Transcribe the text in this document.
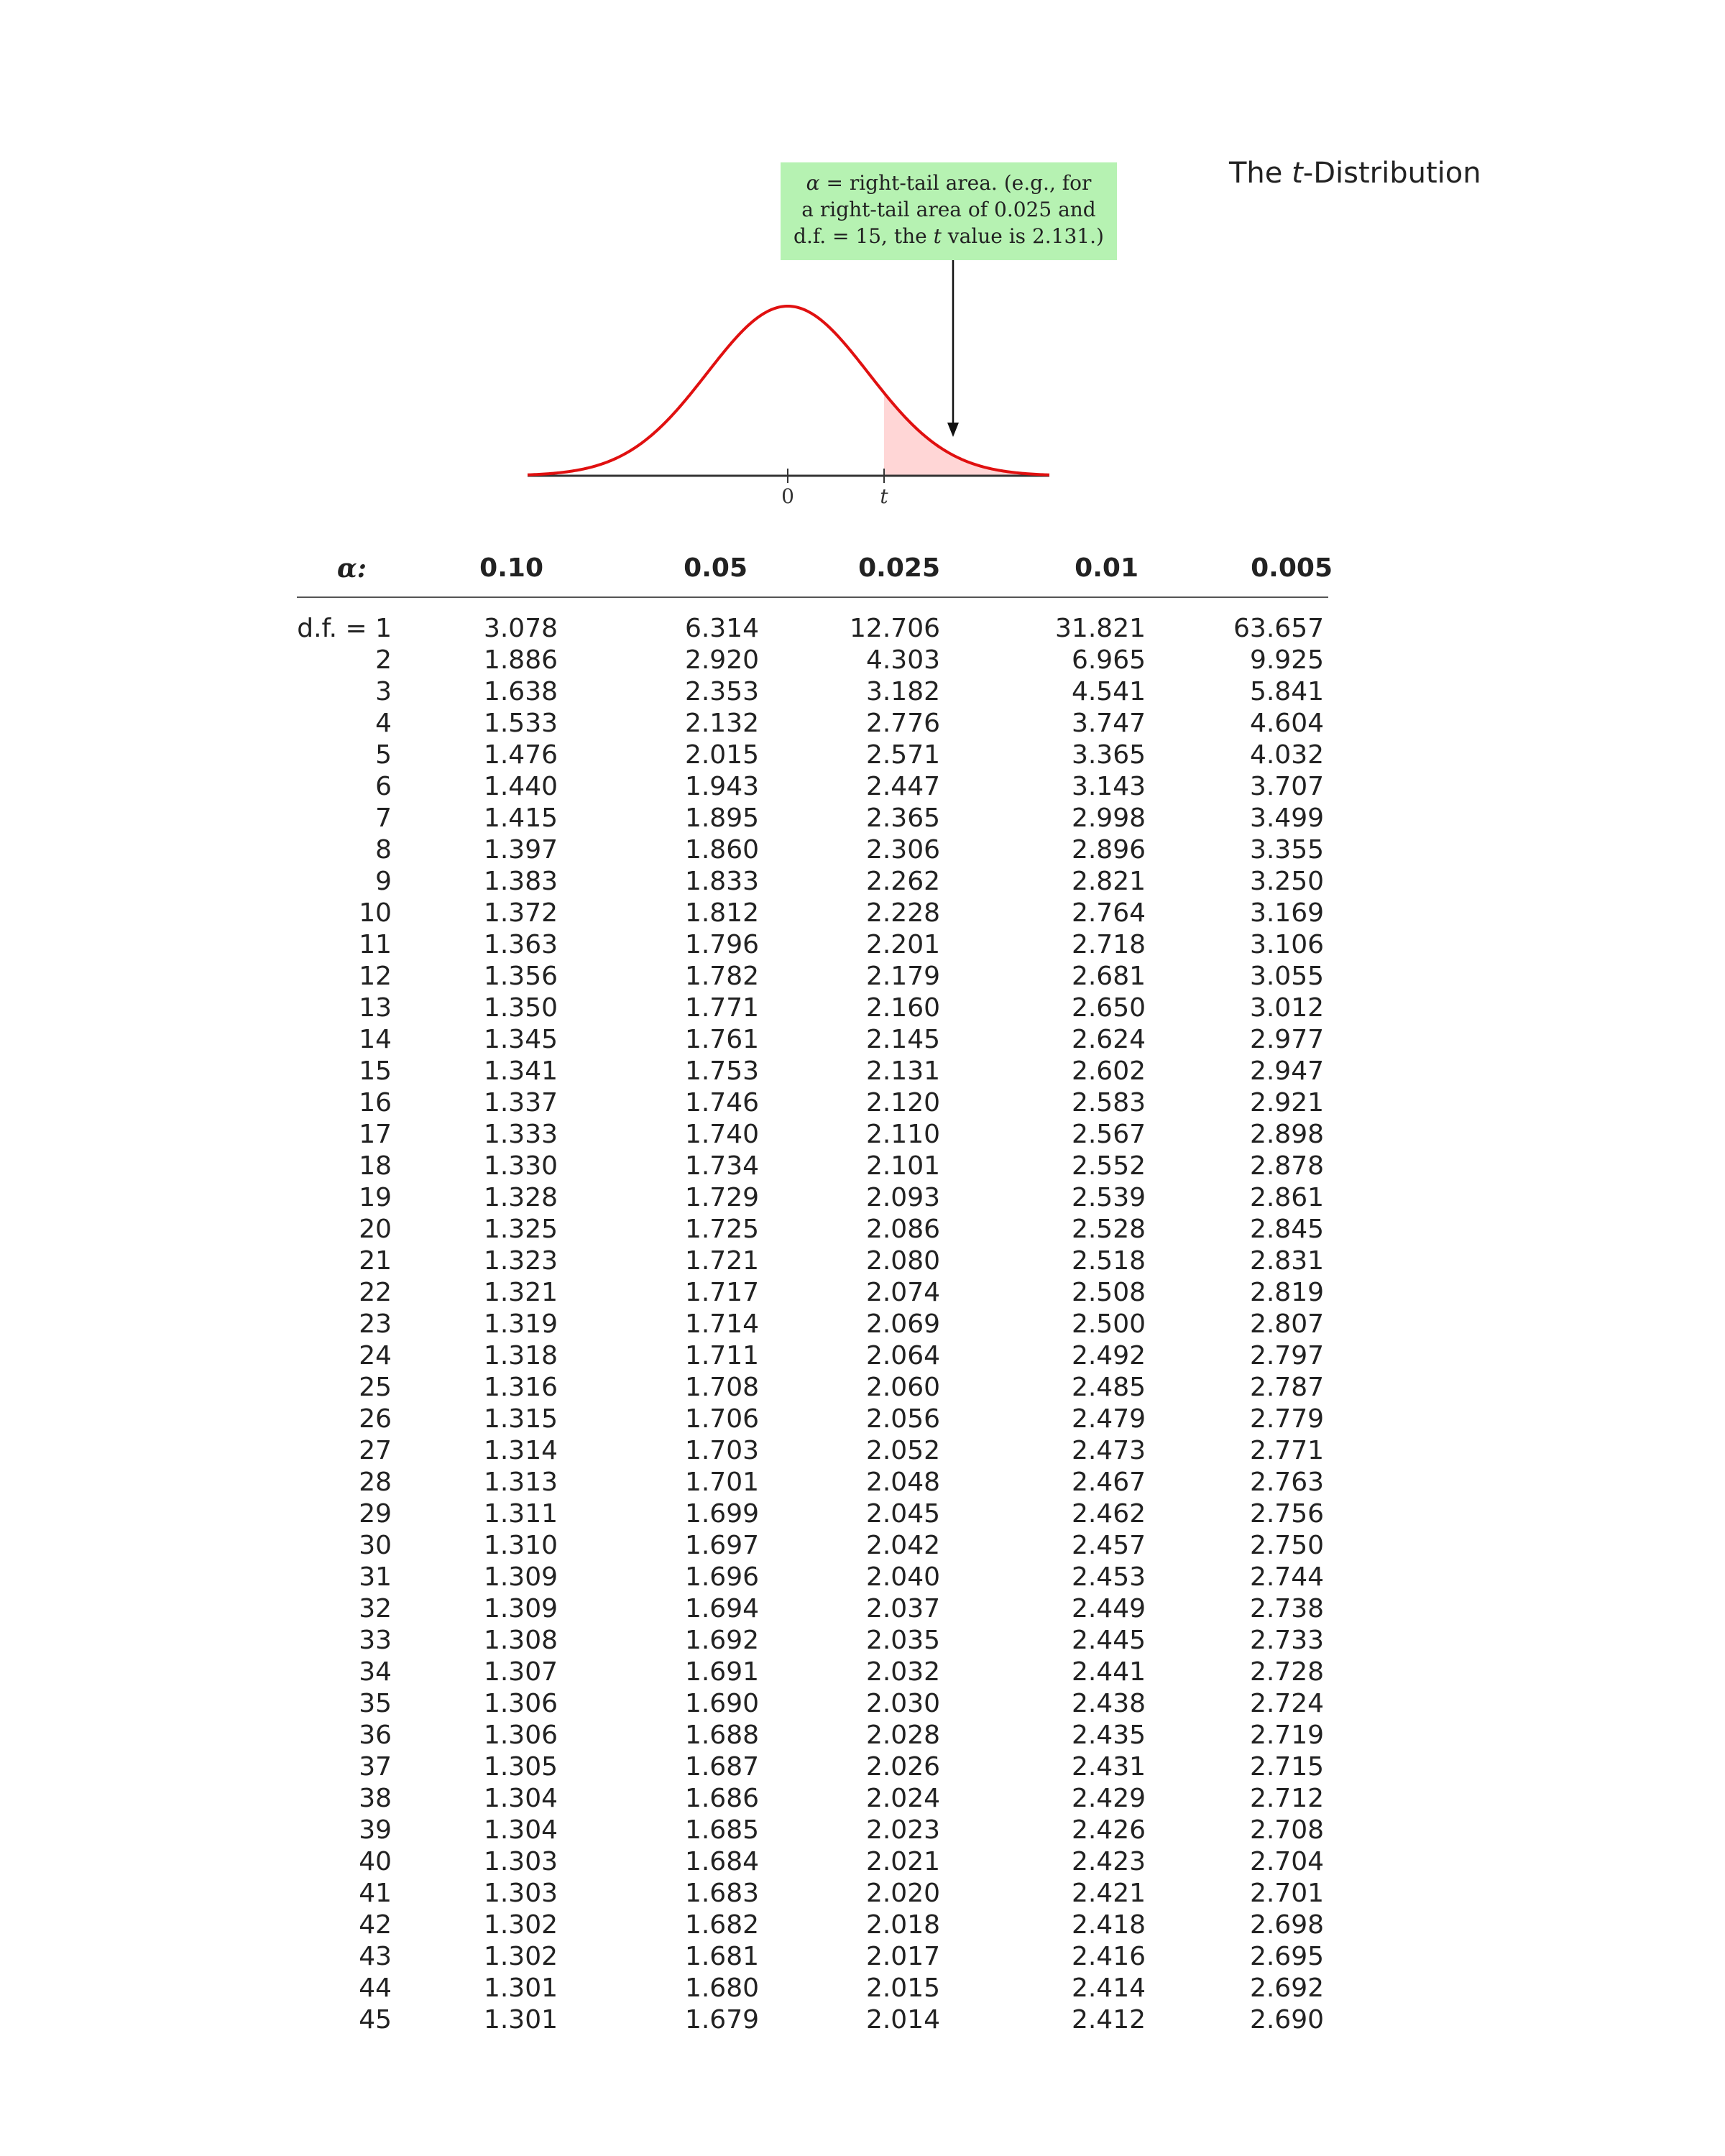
The t-Distribution
α = right-tail area. (e.g., for
a right-tail area of 0.025 and
d.f. = 15, the t value is 2.131.)
0	t
α:	0.10	0.05	0.025	0.01	0.005
d.f. = 1	3.078	6.314	12.706	31.821	63.657
2	1.886	2.920	4.303	6.965	9.925
3	1.638	2.353	3.182	4.541	5.841
4	1.533	2.132	2.776	3.747	4.604
5	1.476	2.015	2.571	3.365	4.032
6	1.440	1.943	2.447	3.143	3.707
7	1.415	1.895	2.365	2.998	3.499
8	1.397	1.860	2.306	2.896	3.355
9	1.383	1.833	2.262	2.821	3.250
10	1.372	1.812	2.228	2.764	3.169
11	1.363	1.796	2.201	2.718	3.106
12	1.356	1.782	2.179	2.681	3.055
13	1.350	1.771	2.160	2.650	3.012
14	1.345	1.761	2.145	2.624	2.977
15	1.341	1.753	2.131	2.602	2.947
16	1.337	1.746	2.120	2.583	2.921
17	1.333	1.740	2.110	2.567	2.898
18	1.330	1.734	2.101	2.552	2.878
19	1.328	1.729	2.093	2.539	2.861
20	1.325	1.725	2.086	2.528	2.845
21	1.323	1.721	2.080	2.518	2.831
22	1.321	1.717	2.074	2.508	2.819
23	1.319	1.714	2.069	2.500	2.807
24	1.318	1.711	2.064	2.492	2.797
25	1.316	1.708	2.060	2.485	2.787
26	1.315	1.706	2.056	2.479	2.779
27	1.314	1.703	2.052	2.473	2.771
28	1.313	1.701	2.048	2.467	2.763
29	1.311	1.699	2.045	2.462	2.756
30	1.310	1.697	2.042	2.457	2.750
31	1.309	1.696	2.040	2.453	2.744
32	1.309	1.694	2.037	2.449	2.738
33	1.308	1.692	2.035	2.445	2.733
34	1.307	1.691	2.032	2.441	2.728
35	1.306	1.690	2.030	2.438	2.724
36	1.306	1.688	2.028	2.435	2.719
37	1.305	1.687	2.026	2.431	2.715
38	1.304	1.686	2.024	2.429	2.712
39	1.304	1.685	2.023	2.426	2.708
40	1.303	1.684	2.021	2.423	2.704
41	1.303	1.683	2.020	2.421	2.701
42	1.302	1.682	2.018	2.418	2.698
43	1.302	1.681	2.017	2.416	2.695
44	1.301	1.680	2.015	2.414	2.692
45	1.301	1.679	2.014	2.412	2.690
